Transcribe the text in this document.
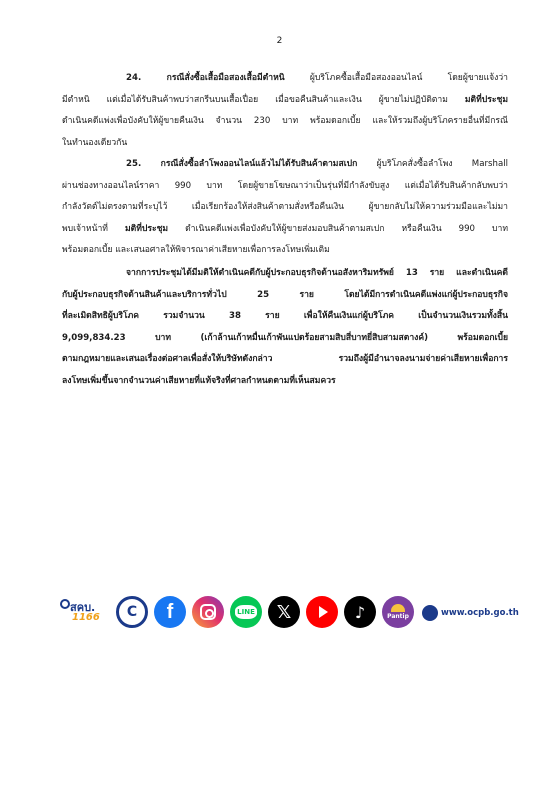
2
24. กรณีสั่งซื้อเสื้อมือสองเสื้อมีตำหนิ ผู้บริโภคซื้อเสื้อมือสองออนไลน์ โดยผู้ขายแจ้งว่า
มีตำหนิ แต่เมื่อได้รับสินค้าพบว่าสกรีนบนเสื้อเปื่อย เมื่อขอคืนสินค้าและเงิน ผู้ขายไม่ปฏิบัติตาม มติที่ประชุม
ดำเนินคดีแพ่งเพื่อบังคับให้ผู้ขายคืนเงิน จำนวน 230 บาท พร้อมดอกเบี้ย และให้รวมถึงผู้บริโภครายอื่นที่มีกรณี
ในทำนองเดียวกัน
25. กรณีสั่งซื้อลำโพงออนไลน์แล้วไม่ได้รับสินค้าตามสเปก ผู้บริโภคสั่งซื้อลำโพง Marshall
ผ่านช่องทางออนไลน์ราคา 990 บาท โดยผู้ขายโฆษณาว่าเป็นรุ่นที่มีกำลังขับสูง แต่เมื่อได้รับสินค้ากลับพบว่า
กำลังวัตต์ไม่ตรงตามที่ระบุไว้ เมื่อเรียกร้องให้ส่งสินค้าตามสั่งหรือคืนเงิน ผู้ขายกลับไม่ให้ความร่วมมือและไม่มา
พบเจ้าหน้าที่ มติที่ประชุม ดำเนินคดีแพ่งเพื่อบังคับให้ผู้ขายส่งมอบสินค้าตามสเปก หรือคืนเงิน 990 บาท
พร้อมดอกเบี้ย และเสนอศาลให้พิจารณาค่าเสียหายเพื่อการลงโทษเพิ่มเติม
จากการประชุมได้มีมติให้ดำเนินคดีกับผู้ประกอบธุรกิจด้านอสังหาริมทรัพย์ 13 ราย และดำเนินคดี
กับผู้ประกอบธุรกิจด้านสินค้าและบริการทั่วไป 25 ราย โดยได้มีการดำเนินคดีแพ่งแก่ผู้ประกอบธุรกิจ
ที่ละเมิดสิทธิผู้บริโภค รวมจำนวน 38 ราย เพื่อให้คืนเงินแก่ผู้บริโภค เป็นจำนวนเงินรวมทั้งสิ้น
9,099,834.23 บาท (เก้าล้านเก้าหมื่นเก้าพันแปดร้อยสามสิบสี่บาทยี่สิบสามสตางค์) พร้อมดอกเบี้ย
ตามกฎหมายและเสนอเรื่องต่อศาลเพื่อสั่งให้บริษัทดังกล่าว รวมถึงผู้มีอำนาจลงนามจ่ายค่าเสียหายเพื่อการ
ลงโทษเพิ่มขึ้นจากจำนวนค่าเสียหายที่แท้จริงที่ศาลกำหนดตามที่เห็นสมควร
สคบ.
1166	C	f	LINE 𝕏	♪	Pantip	www.ocpb.go.th
